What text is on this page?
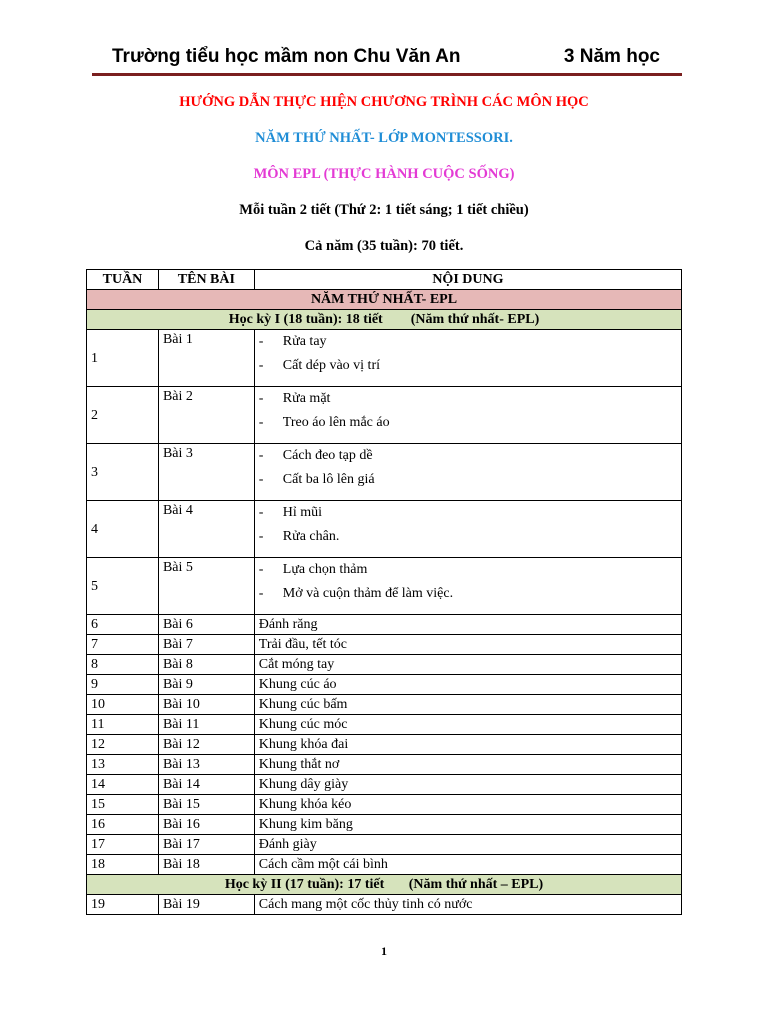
Trường tiểu học mầm non Chu Văn An	3 Năm học
HƯỚNG DẪN THỰC HIỆN CHƯƠNG TRÌNH CÁC MÔN HỌC
NĂM THỨ NHẤT- LỚP MONTESSORI.
MÔN EPL (THỰC HÀNH CUỘC SỐNG)
Mỗi tuần 2 tiết (Thứ 2: 1 tiết sáng; 1 tiết chiều)
Cả năm (35 tuần): 70 tiết.
TUẦN	TÊN BÀI	NỘI DUNG
NĂM THỨ NHẤT- EPL		
Học kỳ I (18 tuần): 18 tiết        (Năm thứ nhất- EPL)		
1	Bài 1	- Rửa tay
- Cất dép vào vị trí

2	Bài 2	- Rửa mặt
- Treo áo lên mắc áo

3	Bài 3	- Cách đeo tạp dề
- Cất ba lô lên giá

4	Bài 4	- Hỉ mũi
- Rửa chân.

5	Bài 5	- Lựa chọn thảm
- Mở và cuộn thảm để làm việc.

6	Bài 6	Đánh răng
7	Bài 7	Trải đầu, tết tóc
8	Bài 8	Cắt móng tay
9	Bài 9	Khung cúc áo
10	Bài 10	Khung cúc bấm
11	Bài 11	Khung cúc móc
12	Bài 12	Khung khóa đai
13	Bài 13	Khung thắt nơ
14	Bài 14	Khung dây giày
15	Bài 15	Khung khóa kéo
16	Bài 16	Khung kim băng
17	Bài 17	Đánh giày
18	Bài 18	Cách cầm một cái bình
Học kỳ II (17 tuần): 17 tiết       (Năm thứ nhất – EPL)		
19	Bài 19	Cách mang một cốc thủy tinh có nước
1
